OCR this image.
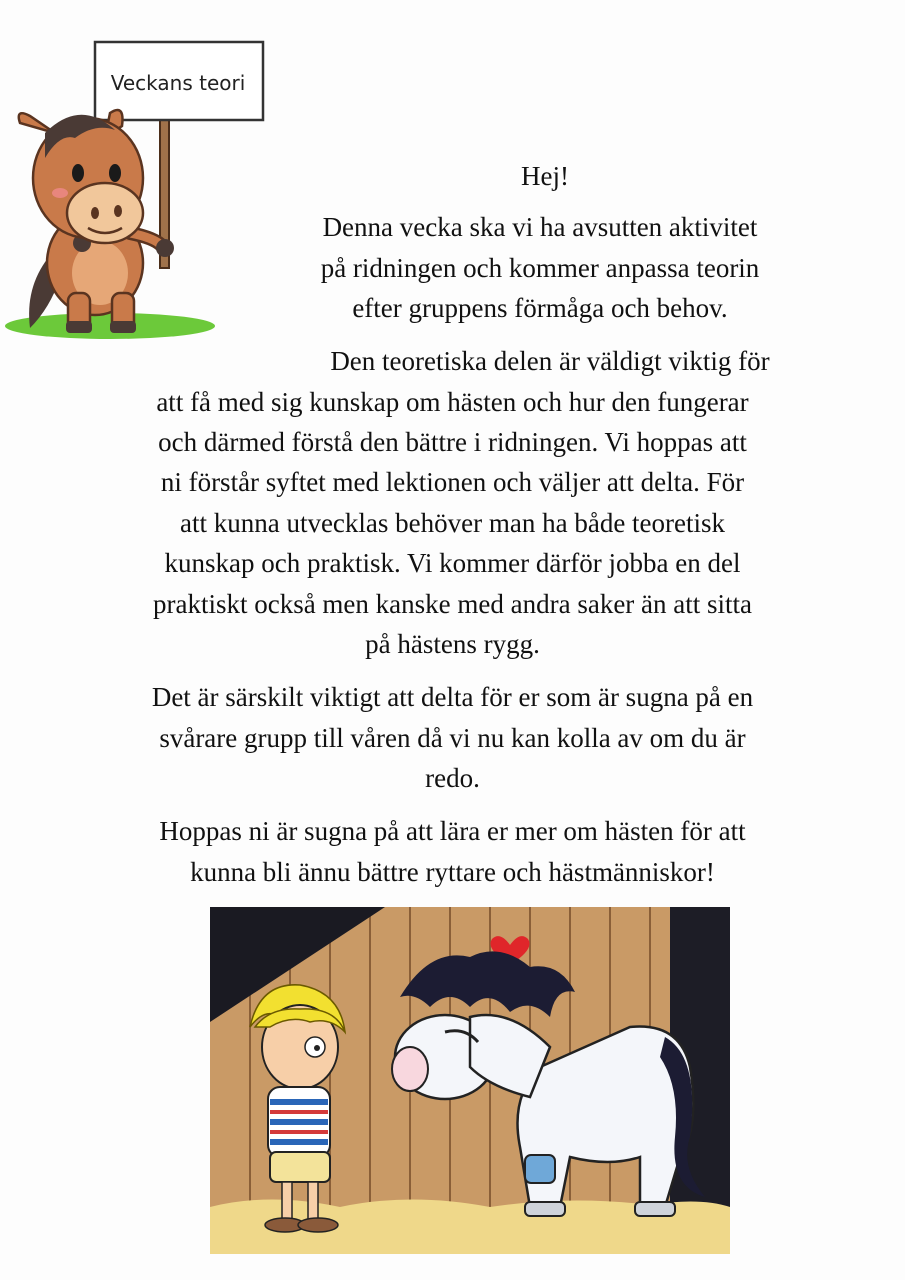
Veckans teori

Hej!

Denna vecka ska vi ha avsutten aktivitet

på ridningen och kommer anpassa teorin

efter gruppens förmåga och behov.

Den teoretiska delen är väldigt viktig för

att få med sig kunskap om hästen och hur den fungerar

och därmed förstå den bättre i ridningen. Vi hoppas att

ni förstår syftet med lektionen och väljer att delta. För

att kunna utvecklas behöver man ha både teoretisk

kunskap och praktisk. Vi kommer därför jobba en del

praktiskt också men kanske med andra saker än att sitta

på hästens rygg.

Det är särskilt viktigt att delta för er som är sugna på en

svårare grupp till våren då vi nu kan kolla av om du är

redo.

Hoppas ni är sugna på att lära er mer om hästen för att

kunna bli ännu bättre ryttare och hästmänniskor!
